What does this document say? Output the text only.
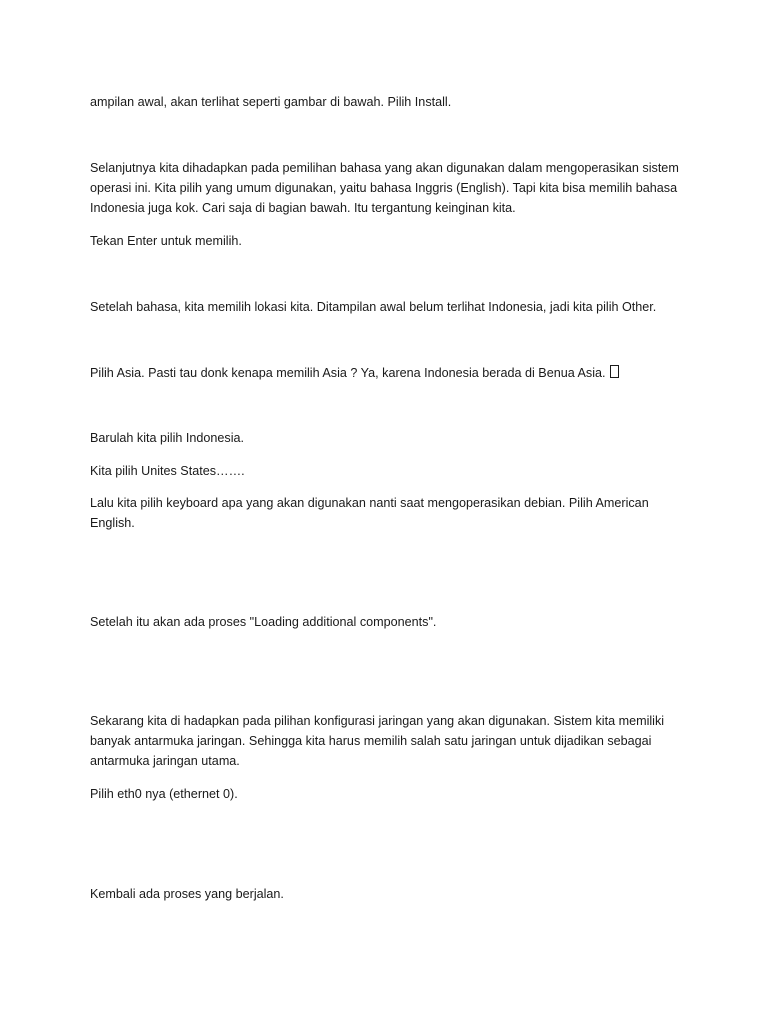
ampilan awal, akan terlihat seperti gambar di bawah. Pilih Install.

Selanjutnya kita dihadapkan pada pemilihan bahasa yang akan digunakan dalam mengoperasikan sistem operasi ini. Kita pilih yang umum digunakan, yaitu bahasa Inggris (English). Tapi kita bisa memilih bahasa Indonesia juga kok. Cari saja di bagian bawah. Itu tergantung keinginan kita.

Tekan Enter untuk memilih.

Setelah bahasa, kita memilih lokasi kita. Ditampilan awal belum terlihat Indonesia, jadi kita pilih Other.

Pilih Asia. Pasti tau donk kenapa memilih Asia ? Ya, karena Indonesia berada di Benua Asia.

Barulah kita pilih Indonesia.

Kita pilih Unites States…….

Lalu kita pilih keyboard apa yang akan digunakan nanti saat mengoperasikan debian. Pilih American English.

Setelah itu akan ada proses "Loading additional components".

Sekarang kita di hadapkan pada pilihan konfigurasi jaringan yang akan digunakan. Sistem kita memiliki banyak antarmuka jaringan. Sehingga kita harus memilih salah satu jaringan untuk dijadikan sebagai antarmuka jaringan utama.

Pilih eth0 nya (ethernet 0).

Kembali ada proses yang berjalan.
